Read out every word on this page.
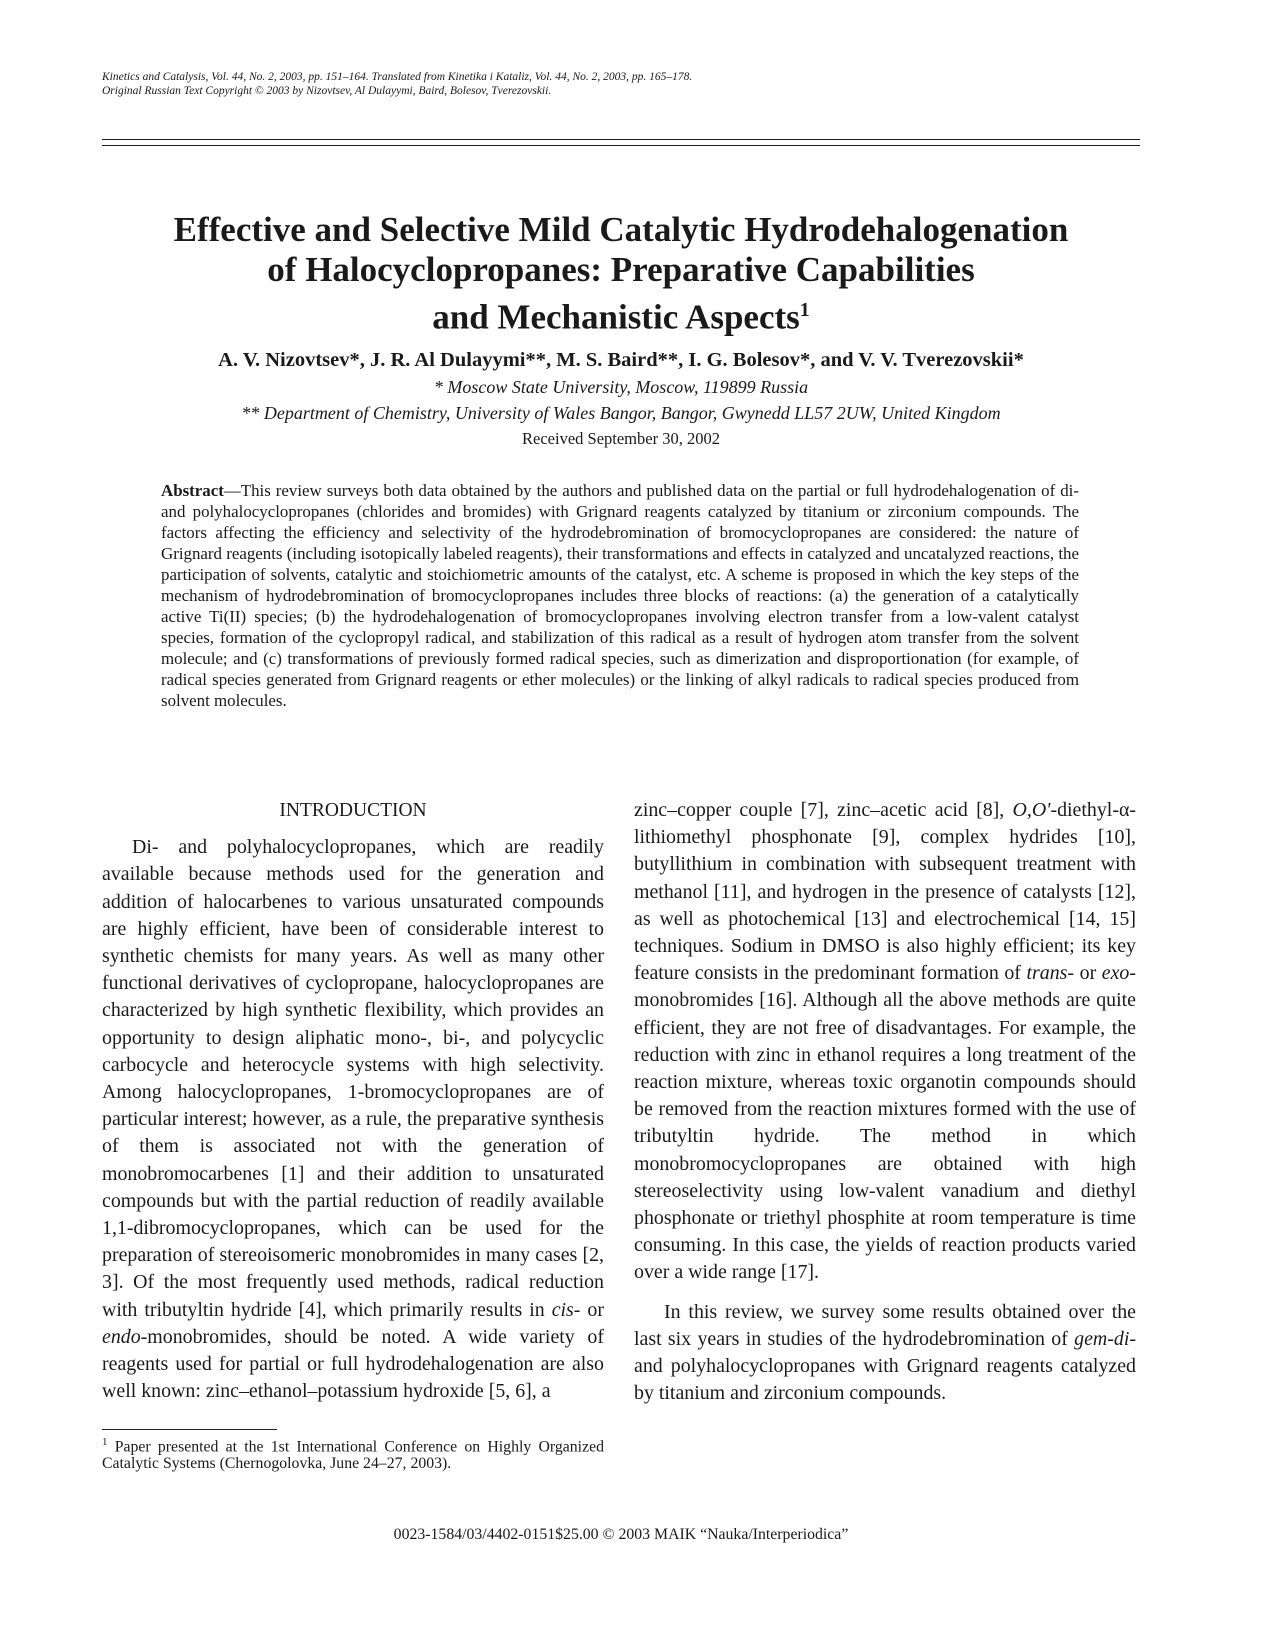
Kinetics and Catalysis, Vol. 44, No. 2, 2003, pp. 151–164. Translated from Kinetika i Kataliz, Vol. 44, No. 2, 2003, pp. 165–178.
Original Russian Text Copyright © 2003 by Nizovtsev, Al Dulayymi, Baird, Bolesov, Tverezovskii.
Effective and Selective Mild Catalytic Hydrodehalogenation
of Halocyclopropanes: Preparative Capabilities
and Mechanistic Aspects$^1$
A. V. Nizovtsev*, J. R. Al Dulayymi**, M. S. Baird**, I. G. Bolesov*, and V. V. Tverezovskii*
* Moscow State University, Moscow, 119899 Russia
** Department of Chemistry, University of Wales Bangor, Bangor, Gwynedd LL57 2UW, United Kingdom
Received September 30, 2002
Abstract—This review surveys both data obtained by the authors and published data on the partial or full hydrodehalogenation of di- and polyhalocyclopropanes (chlorides and bromides) with Grignard reagents catalyzed by titanium or zirconium compounds. The factors affecting the efficiency and selectivity of the hydrodebromination of bromocyclopropanes are considered: the nature of Grignard reagents (including isotopically labeled reagents), their transformations and effects in catalyzed and uncatalyzed reactions, the participation of solvents, catalytic and stoichiometric amounts of the catalyst, etc. A scheme is proposed in which the key steps of the mechanism of hydrodebromination of bromocyclopropanes includes three blocks of reactions: (a) the generation of a catalytically active Ti(II) species; (b) the hydrodehalogenation of bromocyclopropanes involving electron transfer from a low-valent catalyst species, formation of the cyclopropyl radical, and stabilization of this radical as a result of hydrogen atom transfer from the solvent molecule; and (c) transformations of previously formed radical species, such as dimerization and disproportionation (for example, of radical species generated from Grignard reagents or ether molecules) or the linking of alkyl radicals to radical species produced from solvent molecules.

INTRODUCTION

Di- and polyhalocyclopropanes, which are readily available because methods used for the generation and addition of halocarbenes to various unsaturated compounds are highly efficient, have been of considerable interest to synthetic chemists for many years. As well as many other functional derivatives of cyclopropane, halocyclopropanes are characterized by high synthetic flexibility, which provides an opportunity to design aliphatic mono-, bi-, and polycyclic carbocycle and heterocycle systems with high selectivity. Among halocyclopropanes, 1-bromocyclopropanes are of particular interest; however, as a rule, the preparative synthesis of them is associated not with the generation of monobromocarbenes [1] and their addition to unsaturated compounds but with the partial reduction of readily available 1,1-dibromocyclopropanes, which can be used for the preparation of stereoisomeric monobromides in many cases [2, 3]. Of the most frequently used methods, radical reduction with tributyltin hydride [4], which primarily results in cis- or endo-monobromides, should be noted. A wide variety of reagents used for partial or full hydrodehalogenation are also well known: zinc–ethanol–potassium hydroxide [5, 6], a

$^1$ Paper presented at the 1st International Conference on Highly Organized Catalytic Systems (Chernogolovka, June 24–27, 2003).

zinc–copper couple [7], zinc–acetic acid [8], O,O'-diethyl-α-lithiomethyl phosphonate [9], complex hydrides [10], butyllithium in combination with subsequent treatment with methanol [11], and hydrogen in the presence of catalysts [12], as well as photochemical [13] and electrochemical [14, 15] techniques. Sodium in DMSO is also highly efficient; its key feature consists in the predominant formation of trans- or exo-monobromides [16]. Although all the above methods are quite efficient, they are not free of disadvantages. For example, the reduction with zinc in ethanol requires a long treatment of the reaction mixture, whereas toxic organotin compounds should be removed from the reaction mixtures formed with the use of tributyltin hydride. The method in which monobromocyclopropanes are obtained with high stereoselectivity using low-valent vanadium and diethyl phosphonate or triethyl phosphite at room temperature is time consuming. In this case, the yields of reaction products varied over a wide range [17].

In this review, we survey some results obtained over the last six years in studies of the hydrodebromination of gem-di- and polyhalocyclopropanes with Grignard reagents catalyzed by titanium and zirconium compounds.

0023-1584/03/4402-0151$25.00 © 2003 MAIK “Nauka/Interperiodica”
